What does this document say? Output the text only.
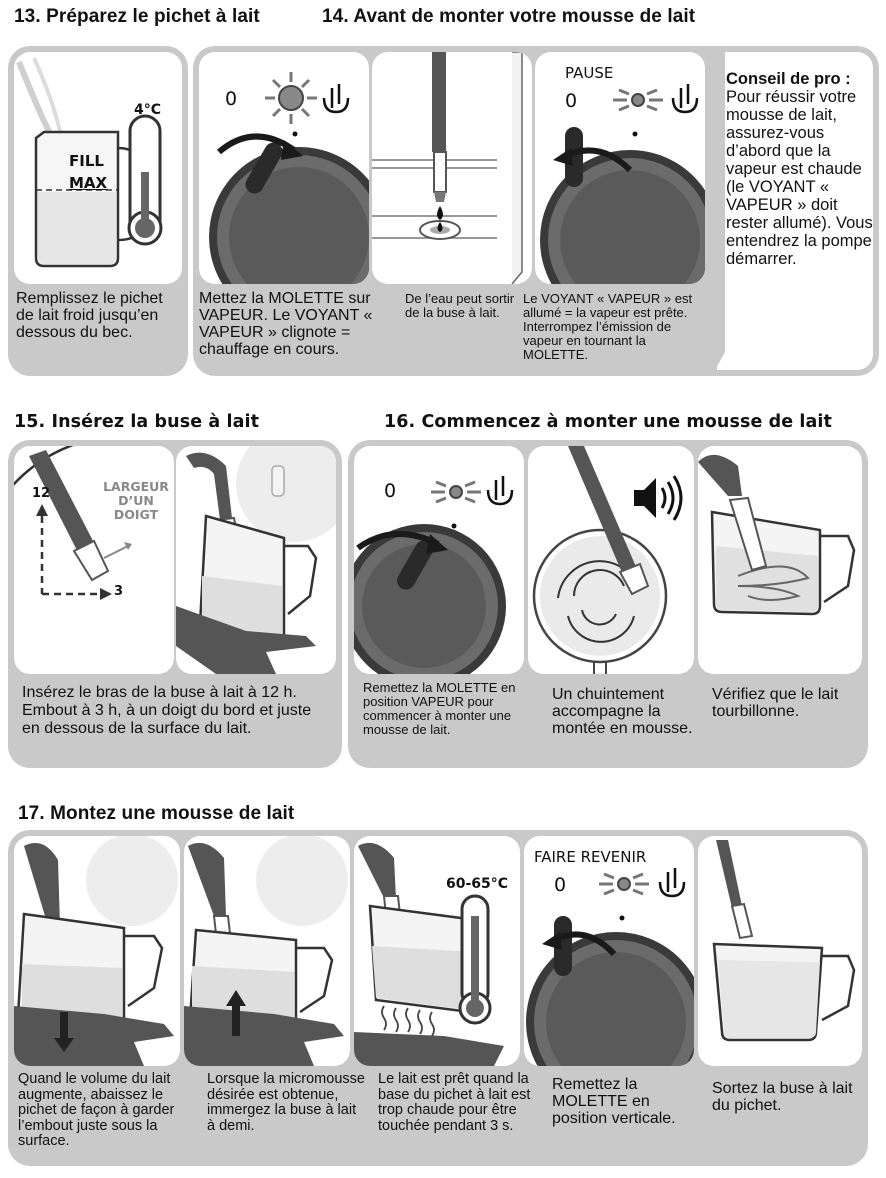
13. Préparez le pichet à lait	14. Avant de monter votre mousse de lait
15. Insérez la buse à lait	16. Commencez à monter une mousse de lait
17. Montez une mousse de lait
FILL
MAX
4°C
Remplissez le pichet de lait froid jusqu’en dessous du bec.
0
Mettez la MOLETTE sur VAPEUR. Le VOYANT « VAPEUR » clignote = chauffage en cours.
De l’eau peut sortir de la buse à lait.
PAUSE
0
Le VOYANT « VAPEUR » est allumé = la vapeur est prête. Interrompez l’émission de vapeur en tournant la MOLETTE.
Conseil de pro :
Pour réussir votre mousse de lait, assurez-vous d’abord que la vapeur est chaude (le VOYANT « VAPEUR » doit rester allumé). Vous entendrez la pompe démarrer.
LARGEUR
D’UN DOIGT
12
3
Insérez le bras de la buse à lait à 12 h. Embout à 3 h, à un doigt du bord et juste en dessous de la surface du lait.
0
Remettez la MOLETTE en position VAPEUR pour commencer à monter une mousse de lait.
Un chuintement accompagne la montée en mousse.
Vérifiez que le lait tourbillonne.
Quand le volume du lait augmente, abaissez le pichet de façon à garder l’embout juste sous la surface.
Lorsque la micromousse désirée est obtenue, immergez la buse à lait à demi.
60-65°C
Le lait est prêt quand la base du pichet à lait est trop chaude pour être touchée pendant 3 s.
FAIRE REVENIR
0
Remettez la MOLETTE en position verticale.
Sortez la buse à lait du pichet.
